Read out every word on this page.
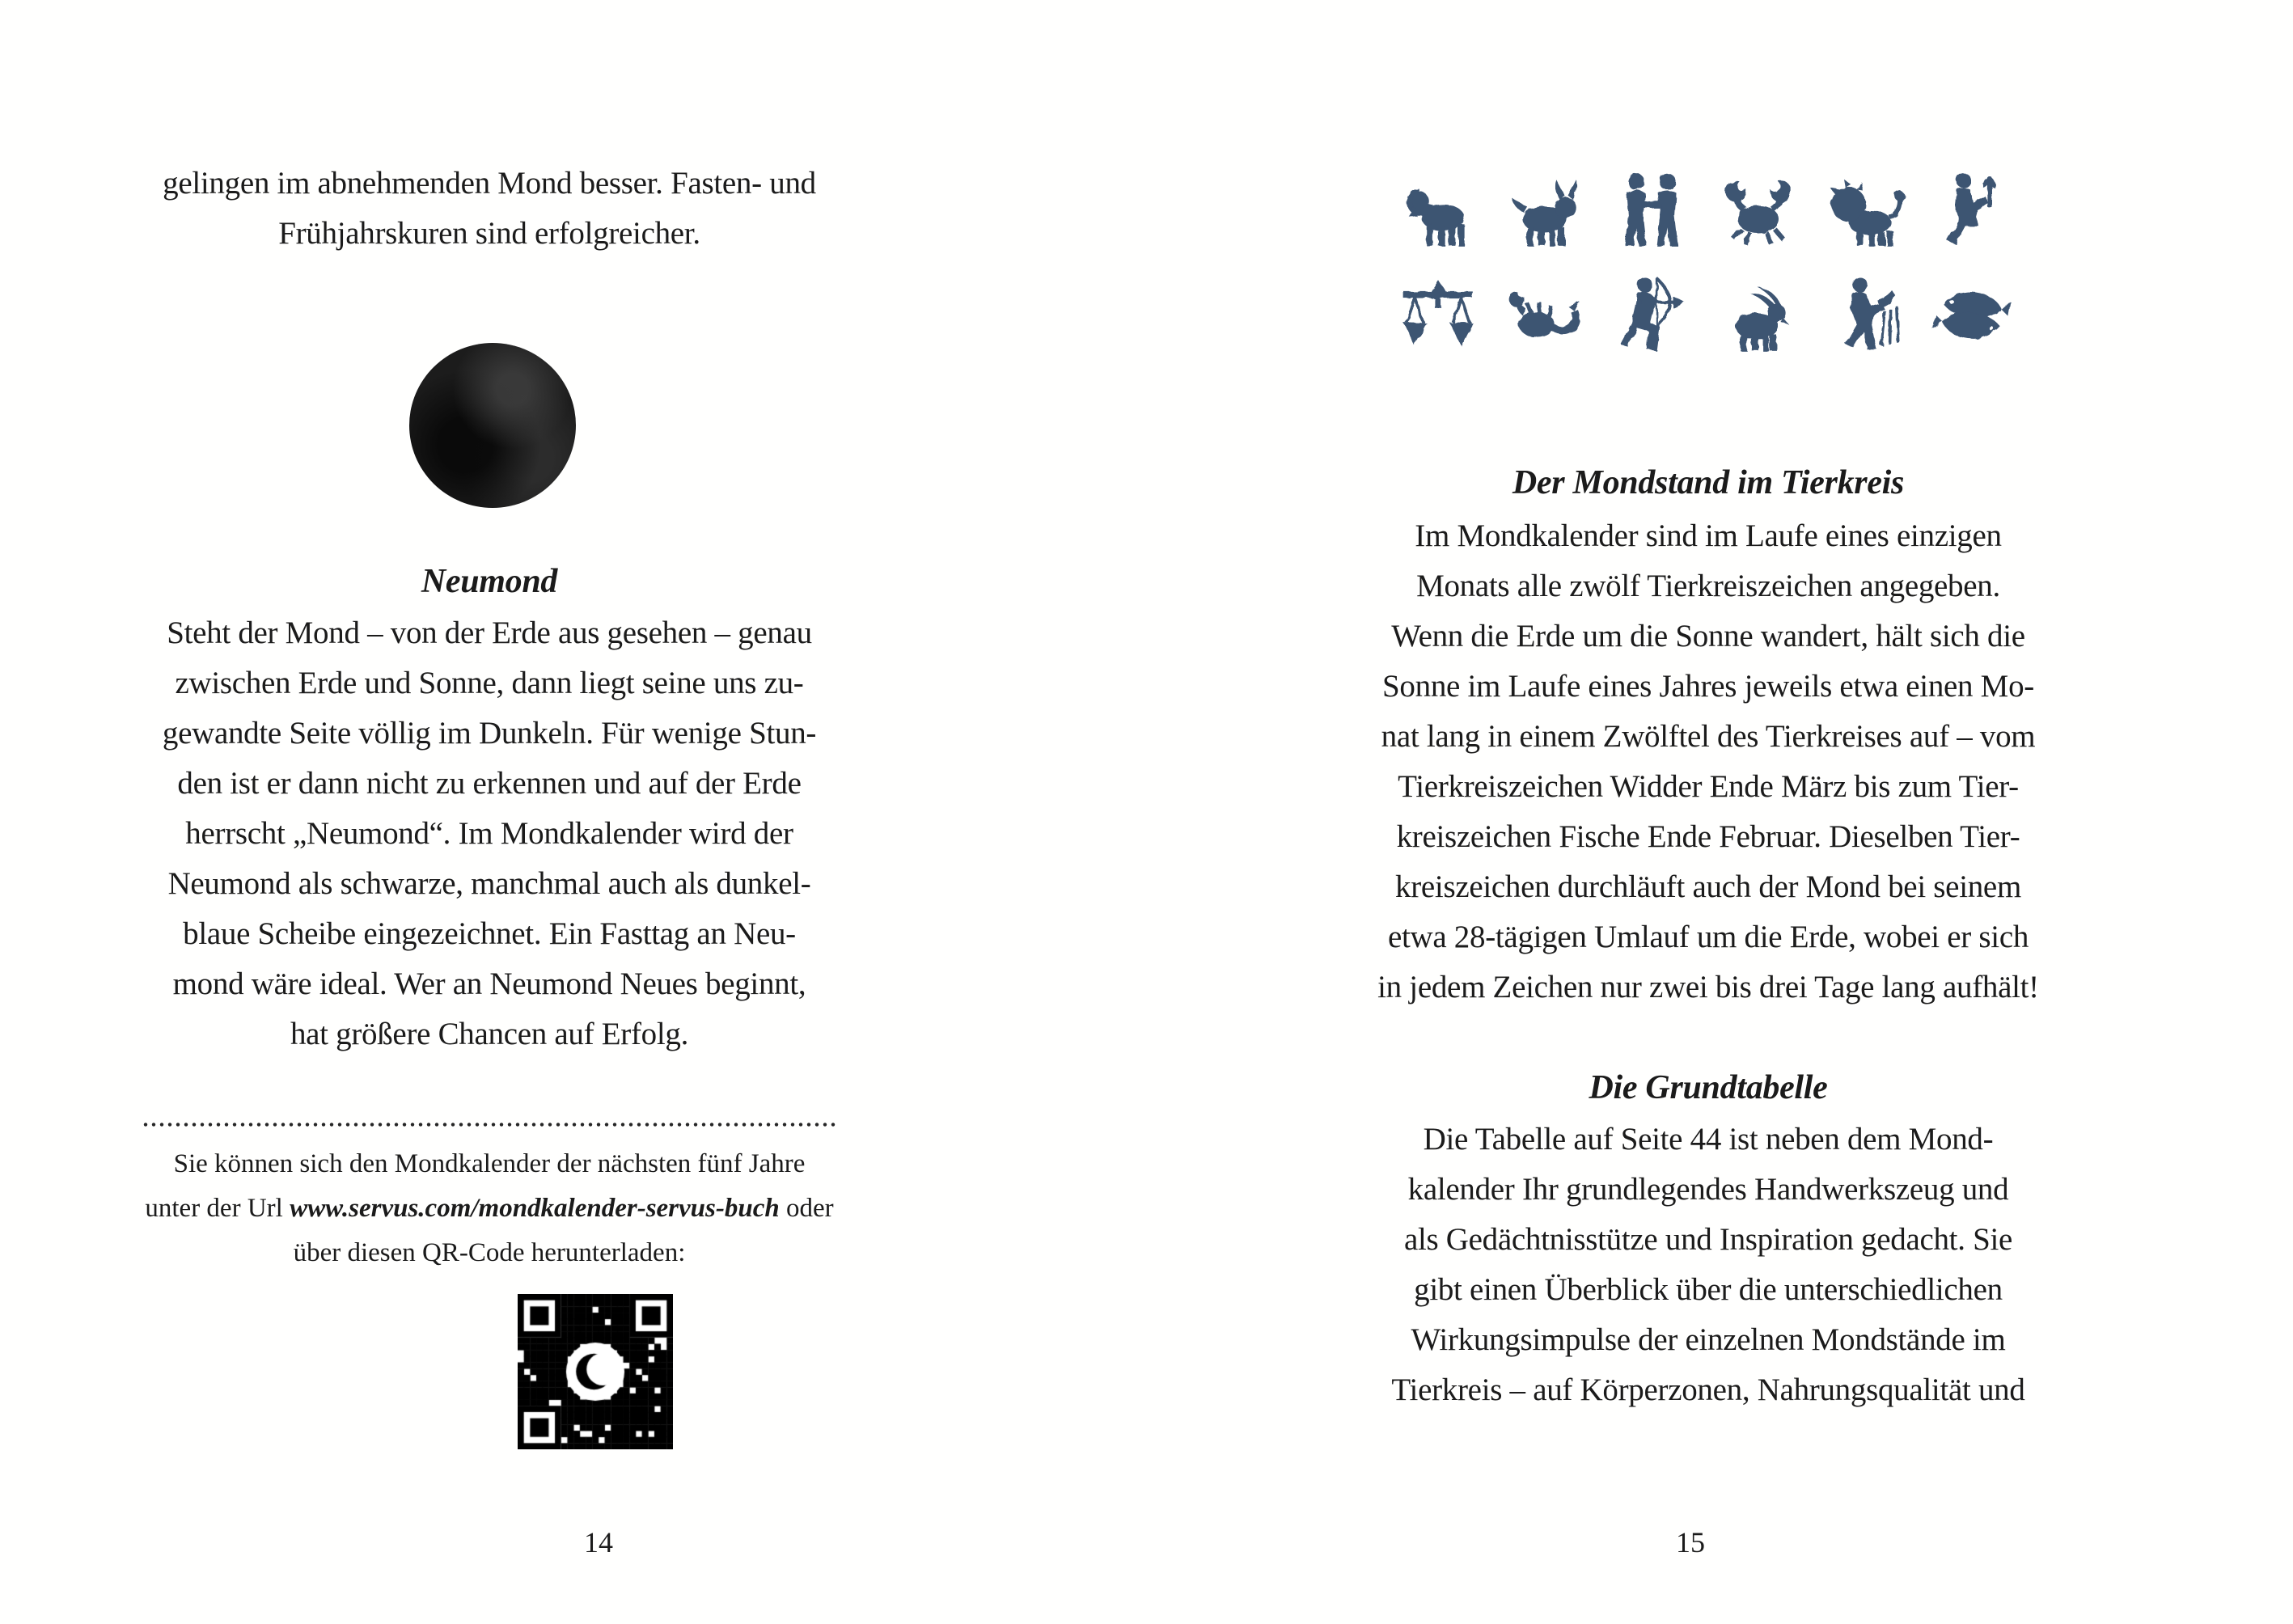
gelingen im abnehmenden Mond besser. Fasten- und
Frühjahrskuren sind erfolgreicher.
Neumond
Steht der Mond – von der Erde aus gesehen – genau
zwischen Erde und Sonne, dann liegt seine uns zu-
gewandte Seite völlig im Dunkeln. Für wenige Stun-
den ist er dann nicht zu erkennen und auf der Erde
herrscht „Neumond“. Im Mondkalender wird der
Neumond als schwarze, manchmal auch als dunkel-
blaue Scheibe eingezeichnet. Ein Fasttag an Neu-
mond wäre ideal. Wer an Neumond Neues beginnt,
hat größere Chancen auf Erfolg.
Sie können sich den Mondkalender der nächsten fünf Jahre
unter der Url www.servus.com/mondkalender-servus-buch oder
über diesen QR-Code herunterladen:
14
Der Mondstand im Tierkreis
Im Mondkalender sind im Laufe eines einzigen
Monats alle zwölf Tierkreiszeichen angegeben.
Wenn die Erde um die Sonne wandert, hält sich die
Sonne im Laufe eines Jahres jeweils etwa einen Mo-
nat lang in einem Zwölftel des Tierkreises auf – vom
Tierkreiszeichen Widder Ende März bis zum Tier-
kreiszeichen Fische Ende Februar. Dieselben Tier-
kreiszeichen durchläuft auch der Mond bei seinem
etwa 28-tägigen Umlauf um die Erde, wobei er sich
in jedem Zeichen nur zwei bis drei Tage lang aufhält!
Die Grundtabelle
Die Tabelle auf Seite 44 ist neben dem Mond-
kalender Ihr grundlegendes Handwerkszeug und
als Gedächtnisstütze und Inspiration gedacht. Sie
gibt einen Überblick über die unterschiedlichen
Wirkungsimpulse der einzelnen Mondstände im
Tierkreis – auf Körperzonen, Nahrungsqualität und
15
